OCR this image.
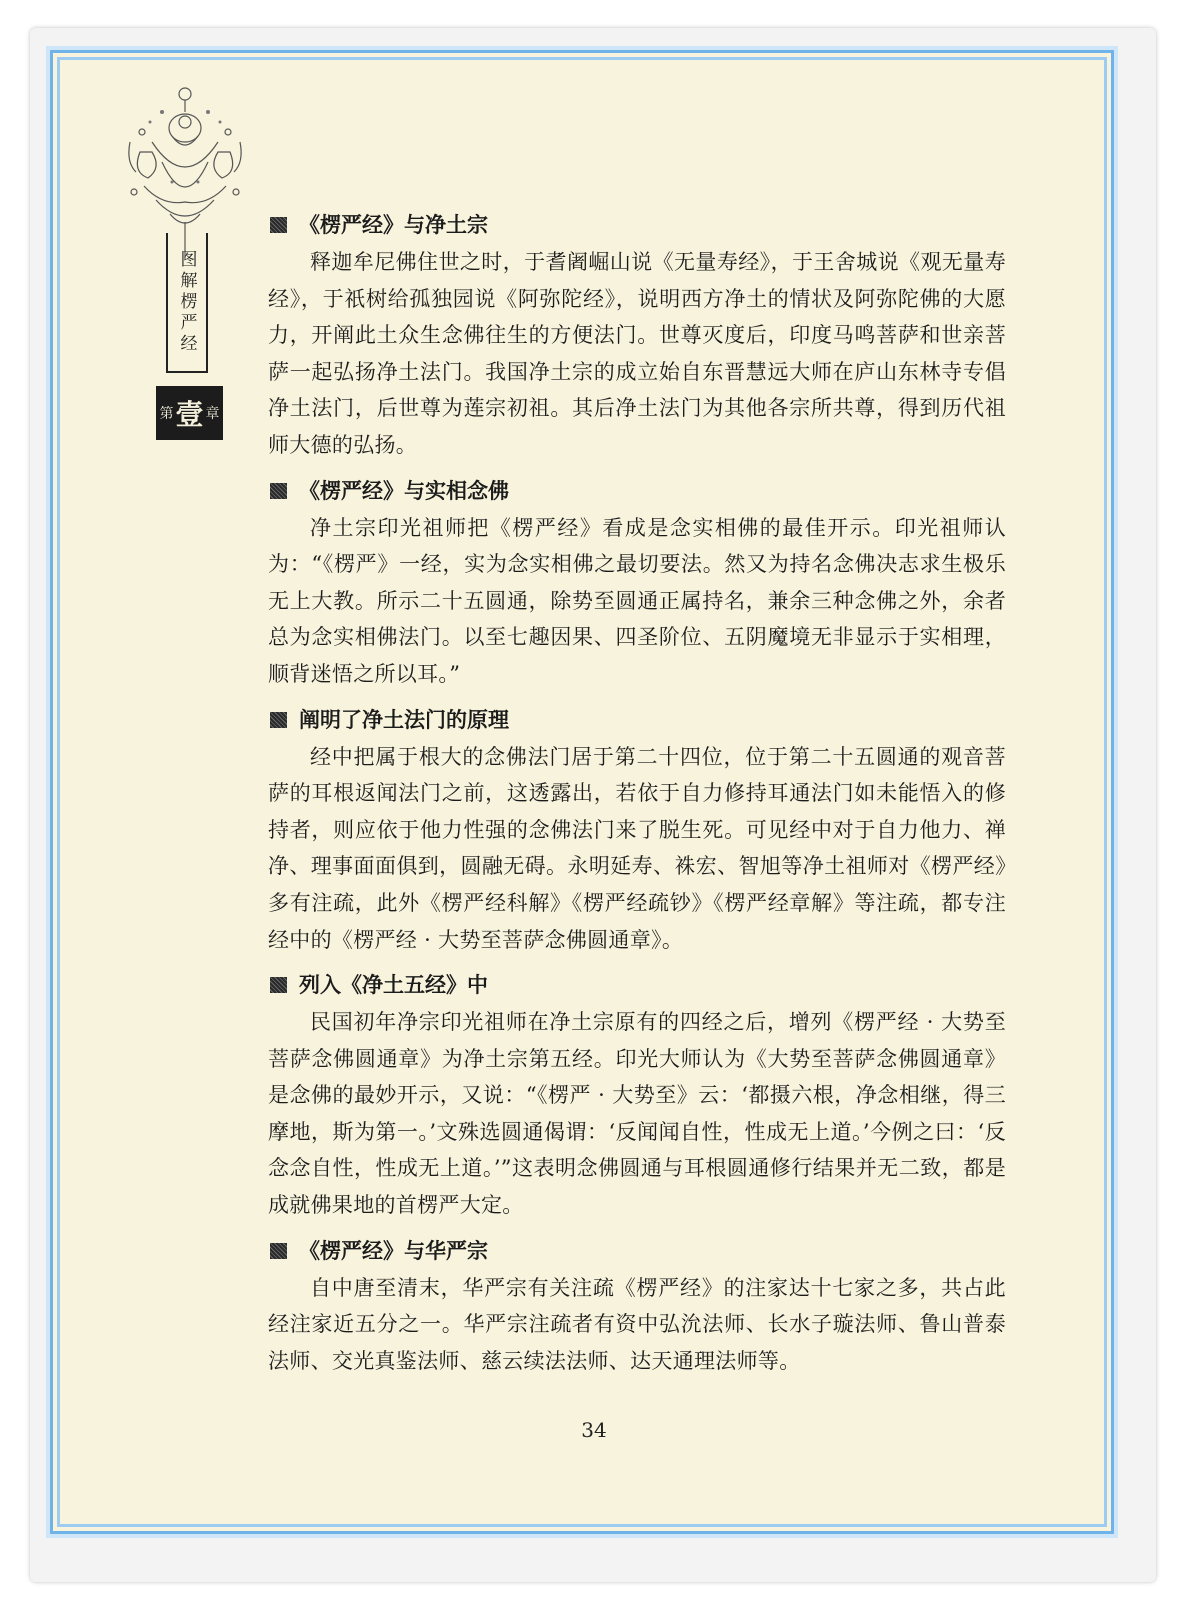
图解楞严经
第 壹 章
《楞严经》与净土宗

释迦牟尼佛住世之时，于耆阇崛山说《无量寿经》，于王舍城说《观无量寿经》，于祇树给孤独园说《阿弥陀经》，说明西方净土的情状及阿弥陀佛的大愿力，开阐此土众生念佛往生的方便法门。世尊灭度后，印度马鸣菩萨和世亲菩萨一起弘扬净土法门。我国净土宗的成立始自东晋慧远大师在庐山东林寺专倡净土法门，后世尊为莲宗初祖。其后净土法门为其他各宗所共尊，得到历代祖师大德的弘扬。

《楞严经》与实相念佛

净土宗印光祖师把《楞严经》看成是念实相佛的最佳开示。印光祖师认为：“《楞严》一经，实为念实相佛之最切要法。然又为持名念佛决志求生极乐无上大教。所示二十五圆通，除势至圆通正属持名，兼余三种念佛之外，余者总为念实相佛法门。以至七趣因果、四圣阶位、五阴魔境无非显示于实相理，顺背迷悟之所以耳。”

阐明了净土法门的原理

经中把属于根大的念佛法门居于第二十四位，位于第二十五圆通的观音菩萨的耳根返闻法门之前，这透露出，若依于自力修持耳通法门如未能悟入的修持者，则应依于他力性强的念佛法门来了脱生死。可见经中对于自力他力、禅净、理事面面俱到，圆融无碍。永明延寿、袾宏、智旭等净土祖师对《楞严经》多有注疏，此外《楞严经科解》《楞严经疏钞》《楞严经章解》等注疏，都专注经中的《楞严经 · 大势至菩萨念佛圆通章》。

列入《净土五经》中

民国初年净宗印光祖师在净土宗原有的四经之后，增列《楞严经 · 大势至菩萨念佛圆通章》为净土宗第五经。印光大师认为《大势至菩萨念佛圆通章》是念佛的最妙开示，又说：“《楞严 · 大势至》云：‘都摄六根，净念相继，得三摩地，斯为第一。’文殊选圆通偈谓：‘反闻闻自性，性成无上道。’今例之曰：‘反念念自性，性成无上道。’”这表明念佛圆通与耳根圆通修行结果并无二致，都是成就佛果地的首楞严大定。

《楞严经》与华严宗

自中唐至清末，华严宗有关注疏《楞严经》的注家达十七家之多，共占此经注家近五分之一。华严宗注疏者有资中弘沇法师、长水子璇法师、鲁山普泰法师、交光真鉴法师、慈云续法法师、达天通理法师等。

34
